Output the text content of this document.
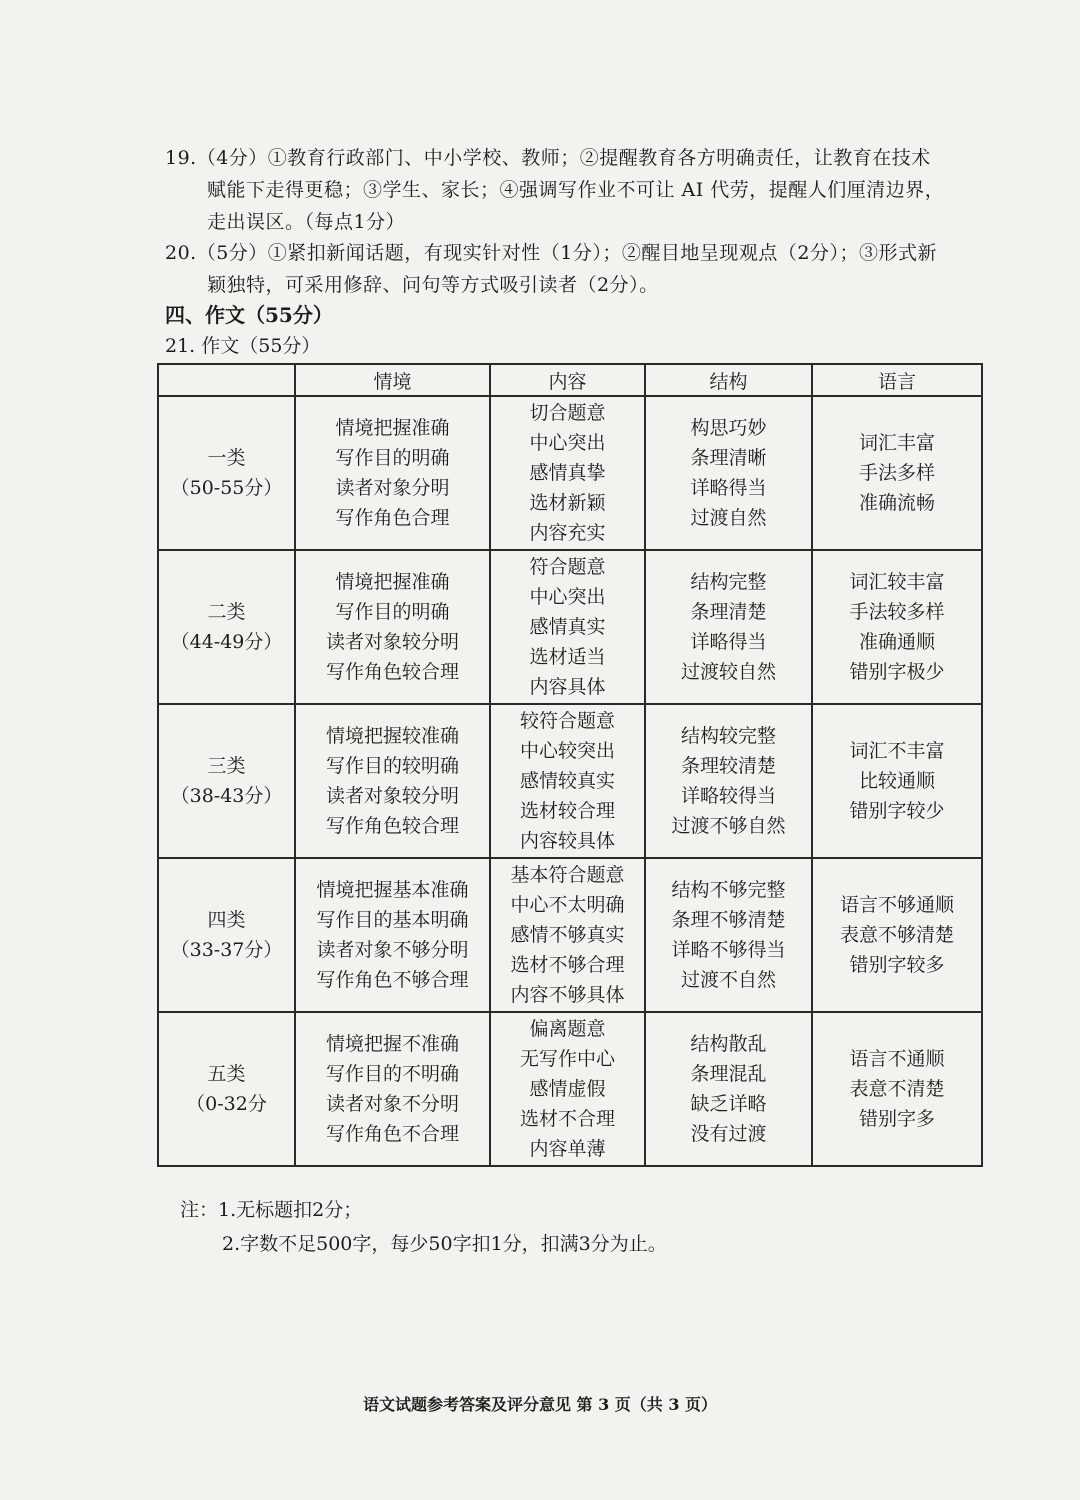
19.（4分）①教育行政部门、中小学校、教师；②提醒教育各方明确责任，让教育在技术
赋能下走得更稳；③学生、家长；④强调写作业不可让 AI 代劳，提醒人们厘清边界，
走出误区。（每点1分）
20.（5分）①紧扣新闻话题，有现实针对性（1分）；②醒目地呈现观点（2分）；③形式新
颖独特，可采用修辞、问句等方式吸引读者（2分）。
四、作文（55分）
21. 作文（55分）
	情境	内容	结构	语言

一类
（50-55分）	情境把握准确
写作目的明确
读者对象分明
写作角色合理	切合题意
中心突出
感情真挚
选材新颖
内容充实	构思巧妙
条理清晰
详略得当
过渡自然	词汇丰富
手法多样
准确流畅

二类
（44-49分）	情境把握准确
写作目的明确
读者对象较分明
写作角色较合理	符合题意
中心突出
感情真实
选材适当
内容具体	结构完整
条理清楚
详略得当
过渡较自然	词汇较丰富
手法较多样
准确通顺
错别字极少

三类
（38-43分）	情境把握较准确
写作目的较明确
读者对象较分明
写作角色较合理	较符合题意
中心较突出
感情较真实
选材较合理
内容较具体	结构较完整
条理较清楚
详略较得当
过渡不够自然	词汇不丰富
比较通顺
错别字较少

四类
（33-37分）	情境把握基本准确
写作目的基本明确
读者对象不够分明
写作角色不够合理	基本符合题意
中心不太明确
感情不够真实
选材不够合理
内容不够具体	结构不够完整
条理不够清楚
详略不够得当
过渡不自然	语言不够通顺
表意不够清楚
错别字较多

五类
（0-32分	情境把握不准确
写作目的不明确
读者对象不分明
写作角色不合理	偏离题意
无写作中心
感情虚假
选材不合理
内容单薄	结构散乱
条理混乱
缺乏详略
没有过渡	语言不通顺
表意不清楚
错别字多
注：1.无标题扣2分；
2.字数不足500字，每少50字扣1分，扣满3分为止。
语文试题参考答案及评分意见 第 3 页（共 3 页）
